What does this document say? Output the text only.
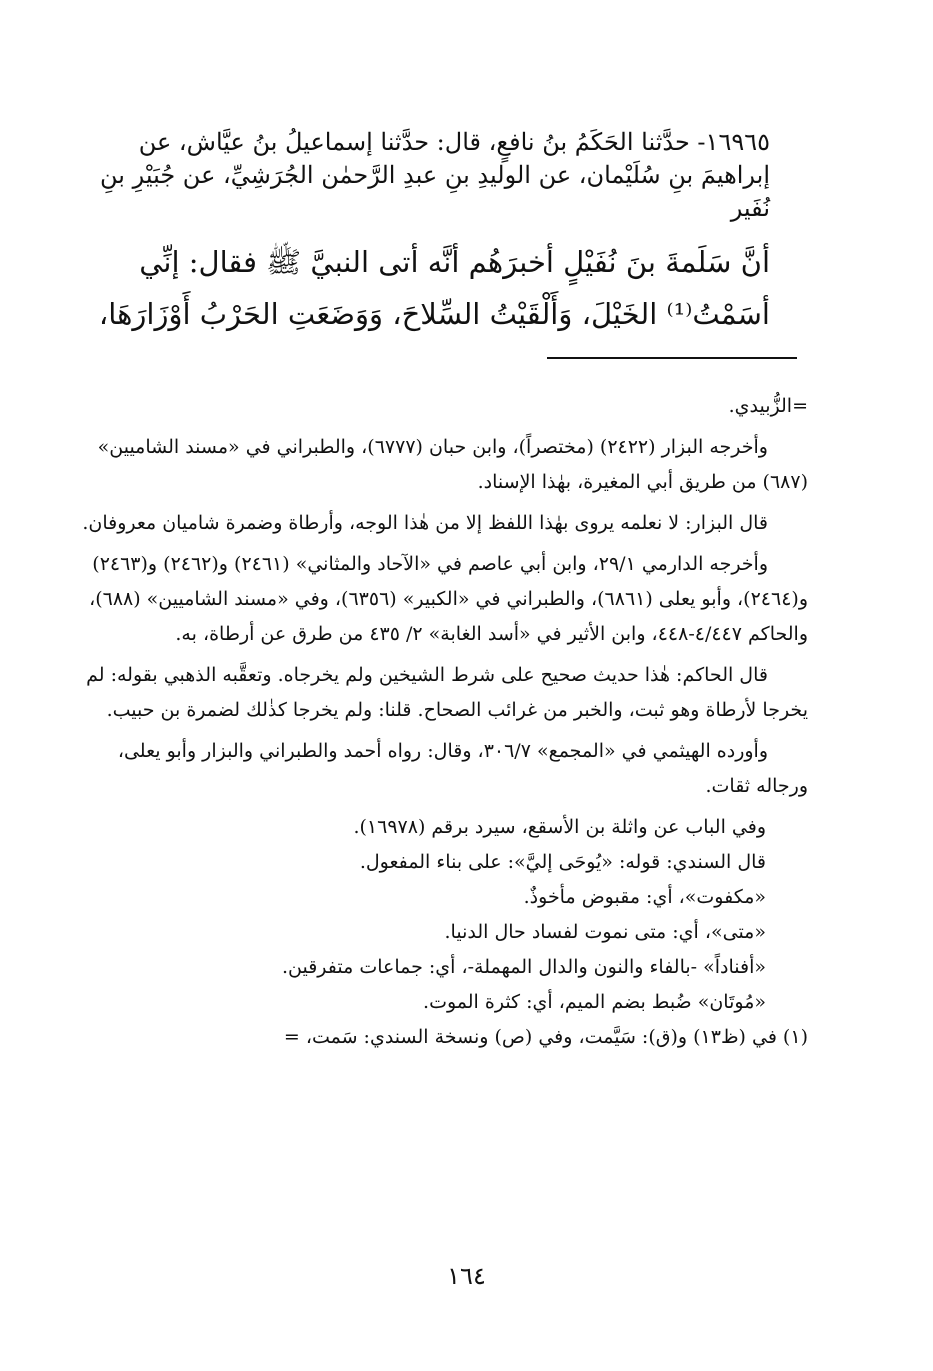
١٦٩٦٥- حدَّثنا الحَكَمُ بنُ نافعٍ، قال: حدَّثنا إسماعيلُ بنُ عيَّاش، عن

إبراهيمَ بنِ سُلَيْمان، عن الوليدِ بنِ عبدِ الرَّحمٰن الجُرَشِيِّ، عن جُبَيْرِ بنِ نُفَير

أنَّ سَلَمةَ بنَ نُفَيْلٍ أخبرَهُم أنَّه أتى النبيَّ ﷺ فقال: إنِّي

أسَمْتُ⁽¹⁾ الخَيْلَ، وَأَلْقَيْتُ السِّلاحَ، وَوَضَعَتِ الحَرْبُ أَوْزَارَهَا،

=الزُّبيدي.

وأخرجه البزار (٢٤٢٢) (مختصراً)، وابن حبان (٦٧٧٧)، والطبراني في «مسند الشاميين» (٦٨٧) من طريق أبي المغيرة، بهٰذا الإسناد.

قال البزار: لا نعلمه يروى بهٰذا اللفظ إلا من هٰذا الوجه، وأرطاة وضمرة شاميان معروفان.

وأخرجه الدارمي ٢٩/١، وابن أبي عاصم في «الآحاد والمثاني» (٢٤٦١) و(٢٤٦٢) و(٢٤٦٣) و(٢٤٦٤)، وأبو يعلى (٦٨٦١)، والطبراني في «الكبير» (٦٣٥٦)، وفي «مسند الشاميين» (٦٨٨)، والحاكم ٤/٤٤٧-٤٤٨، وابن الأثير في «أسد الغابة» ٢/ ٤٣٥ من طرق عن أرطاة، به.

قال الحاكم: هٰذا حديث صحيح على شرط الشيخين ولم يخرجاه. وتعقَّبه الذهبي بقوله: لم يخرجا لأرطاة وهو ثبت، والخبر من غرائب الصحاح. قلنا: ولم يخرجا كذٰلك لضمرة بن حبيب.

وأورده الهيثمي في «المجمع» ٣٠٦/٧، وقال: رواه أحمد والطبراني والبزار وأبو يعلى، ورجاله ثقات.

وفي الباب عن واثلة بن الأسقع، سيرد برقم (١٦٩٧٨).

قال السندي: قوله: «يُوحَى إليَّ»: على بناء المفعول.

«مكفوت»، أي: مقبوض مأخوذٌ.

«متى»، أي: متى نموت لفساد حال الدنيا.

«أفناداً» -بالفاء والنون والدال المهملة-، أي: جماعات متفرقين.

«مُوتَان» ضُبط بضم الميم، أي: كثرة الموت.

(١) في (ظ١٣) و(ق): سَيَّمت، وفي (ص) ونسخة السندي: سَمت، =

١٦٤
